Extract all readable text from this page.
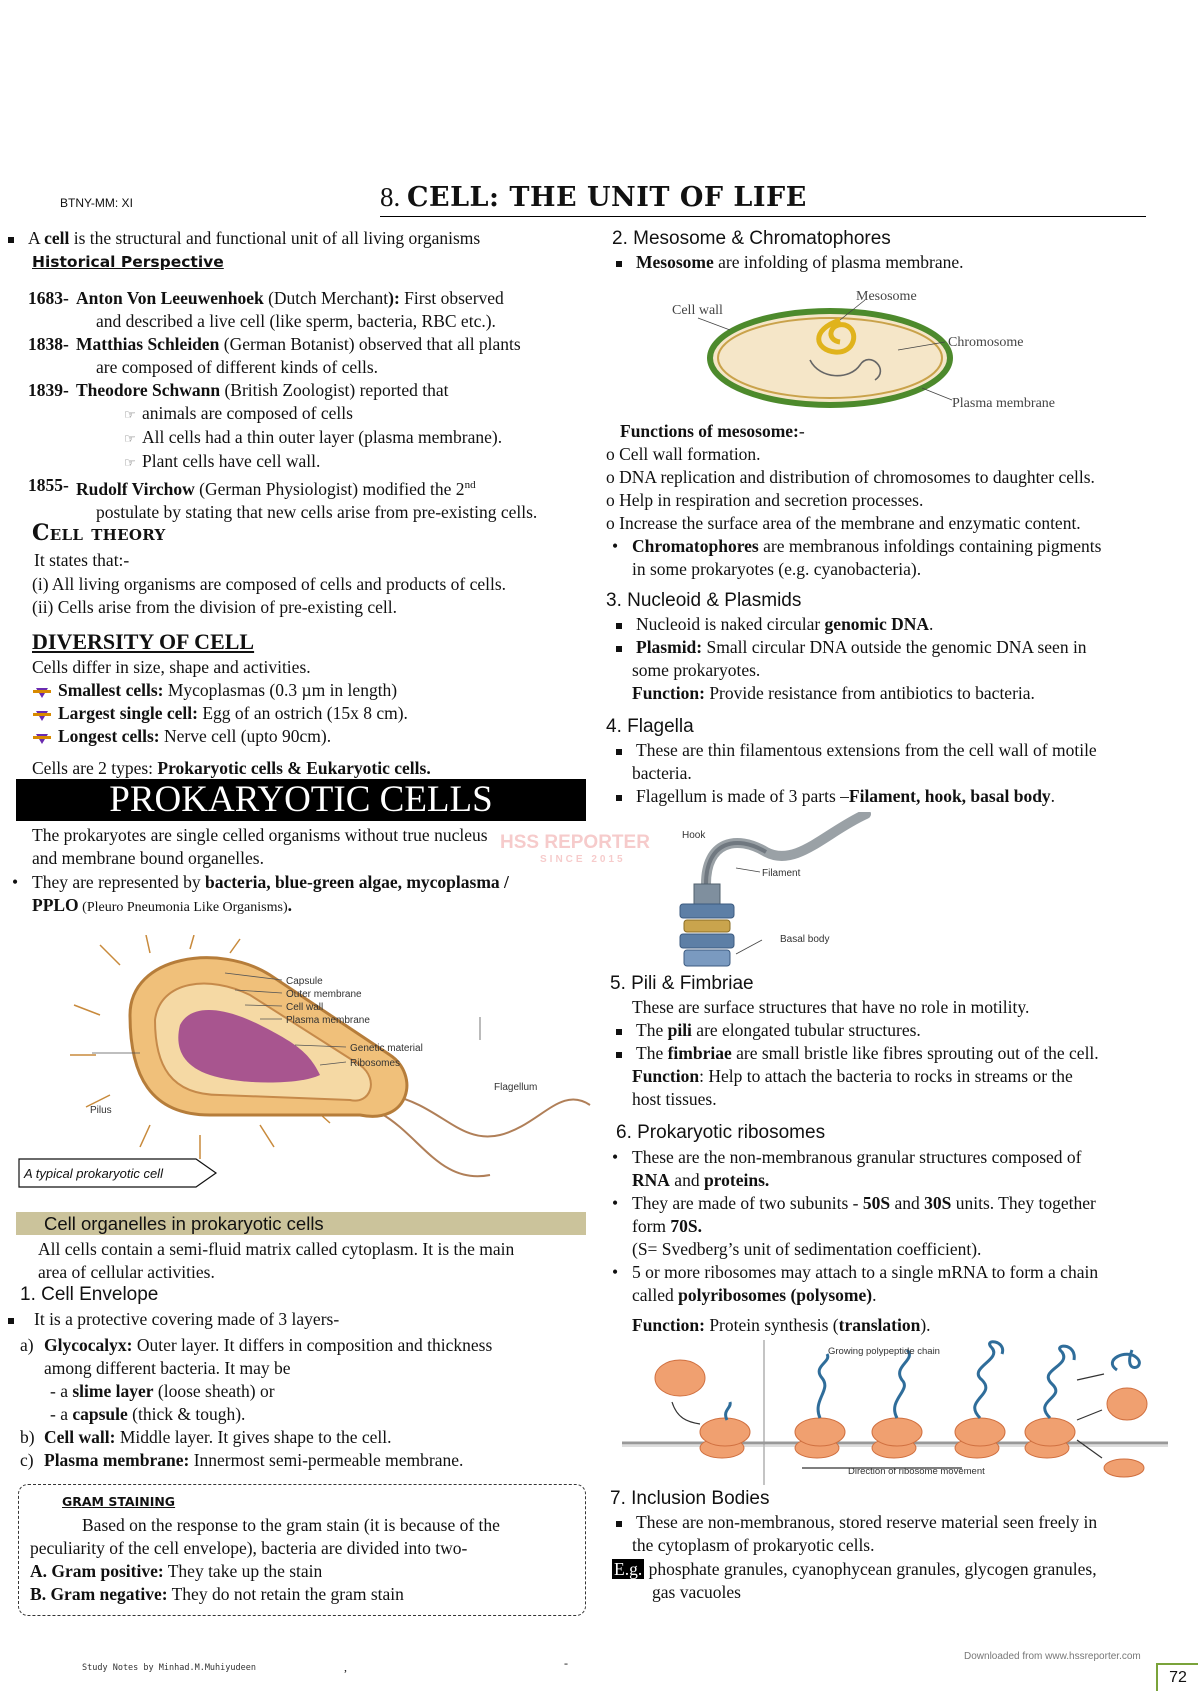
BTNY-MM: XI	8. CELL: THE UNIT OF LIFE
A cell is the structural and functional unit of all living organisms
Historical Perspective
1683- Anton Von Leeuwenhoek (Dutch Merchant): First observed
and described a live cell (like sperm, bacteria, RBC etc.).
1838- Matthias Schleiden (German Botanist) observed that all plants
are composed of different kinds of cells.
1839- Theodore Schwann (British Zoologist) reported that
☞ animals are composed of cells
☞ All cells had a thin outer layer (plasma membrane).
☞ Plant cells have cell wall.
1855- Rudolf Virchow (German Physiologist) modified the 2nd
postulate by stating that new cells arise from pre-existing cells.
Cell theory
It states that:-
(i) All living organisms are composed of cells and products of cells.
(ii) Cells arise from the division of pre-existing cell.
DIVERSITY OF CELL
Cells differ in size, shape and activities.
Smallest cells: Mycoplasmas (0.3 µm in length)
Largest single cell: Egg of an ostrich (15x 8 cm).
Longest cells: Nerve cell (upto 90cm).
Cells are 2 types: Prokaryotic cells & Eukaryotic cells.
PROKARYOTIC CELLS
The prokaryotes are single celled organisms without true nucleus
and membrane bound organelles.
• They are represented by bacteria, blue-green algae, mycoplasma /
PPLO (Pleuro Pneumonia Like Organisms).
HSS REPORTER
SINCE 2015
Capsule
Outer membrane
Cell wall
Plasma membrane
Genetic material
Ribosomes
Flagellum
Pilus
A typical prokaryotic cell
Cell organelles in prokaryotic cells
All cells contain a semi-fluid matrix called cytoplasm. It is the main
area of cellular activities.
1. Cell Envelope
It is a protective covering made of 3 layers-
a) Glycocalyx: Outer layer. It differs in composition and thickness
among different bacteria. It may be
- a slime layer (loose sheath) or
- a capsule (thick & tough).
b) Cell wall: Middle layer. It gives shape to the cell.
c) Plasma membrane: Innermost semi-permeable membrane.
GRAM STAINING
Based on the response to the gram stain (it is because of the
peculiarity of the cell envelope), bacteria are divided into two-
A. Gram positive: They take up the stain
B. Gram negative: They do not retain the gram stain
2. Mesosome & Chromatophores
Mesosome are infolding of plasma membrane.
Mesosome
Cell wall
Chromosome
Plasma membrane
Functions of mesosome:-
o Cell wall formation.
o DNA replication and distribution of chromosomes to daughter cells.
o Help in respiration and secretion processes.
o Increase the surface area of the membrane and enzymatic content.
• Chromatophores are membranous infoldings containing pigments
in some prokaryotes (e.g. cyanobacteria).
3. Nucleoid & Plasmids
Nucleoid is naked circular genomic DNA.
Plasmid: Small circular DNA outside the genomic DNA seen in
some prokaryotes.
Function: Provide resistance from antibiotics to bacteria.
4. Flagella
These are thin filamentous extensions from the cell wall of motile
bacteria.
Flagellum is made of 3 parts –Filament, hook, basal body.
Hook
Filament
Basal body
5. Pili & Fimbriae
These are surface structures that have no role in motility.
The pili are elongated tubular structures.
The fimbriae are small bristle like fibres sprouting out of the cell.
Function: Help to attach the bacteria to rocks in streams or the
host tissues.
6. Prokaryotic ribosomes
• These are the non-membranous granular structures composed of
RNA and proteins.
• They are made of two subunits - 50S and 30S units. They together
form 70S.
(S= Svedberg’s unit of sedimentation coefficient).
• 5 or more ribosomes may attach to a single mRNA to form a chain
called polyribosomes (polysome).
Function: Protein synthesis (translation).
Growing polypeptide chain
Direction of ribosome movement
7. Inclusion Bodies
These are non-membranous, stored reserve material seen freely in
the cytoplasm of prokaryotic cells.
E.g. phosphate granules, cyanophycean granules, glycogen granules,
gas vacuoles
Study Notes by Minhad.M.Muhiyudeen	,	-	Downloaded from www.hssreporter.com
72
